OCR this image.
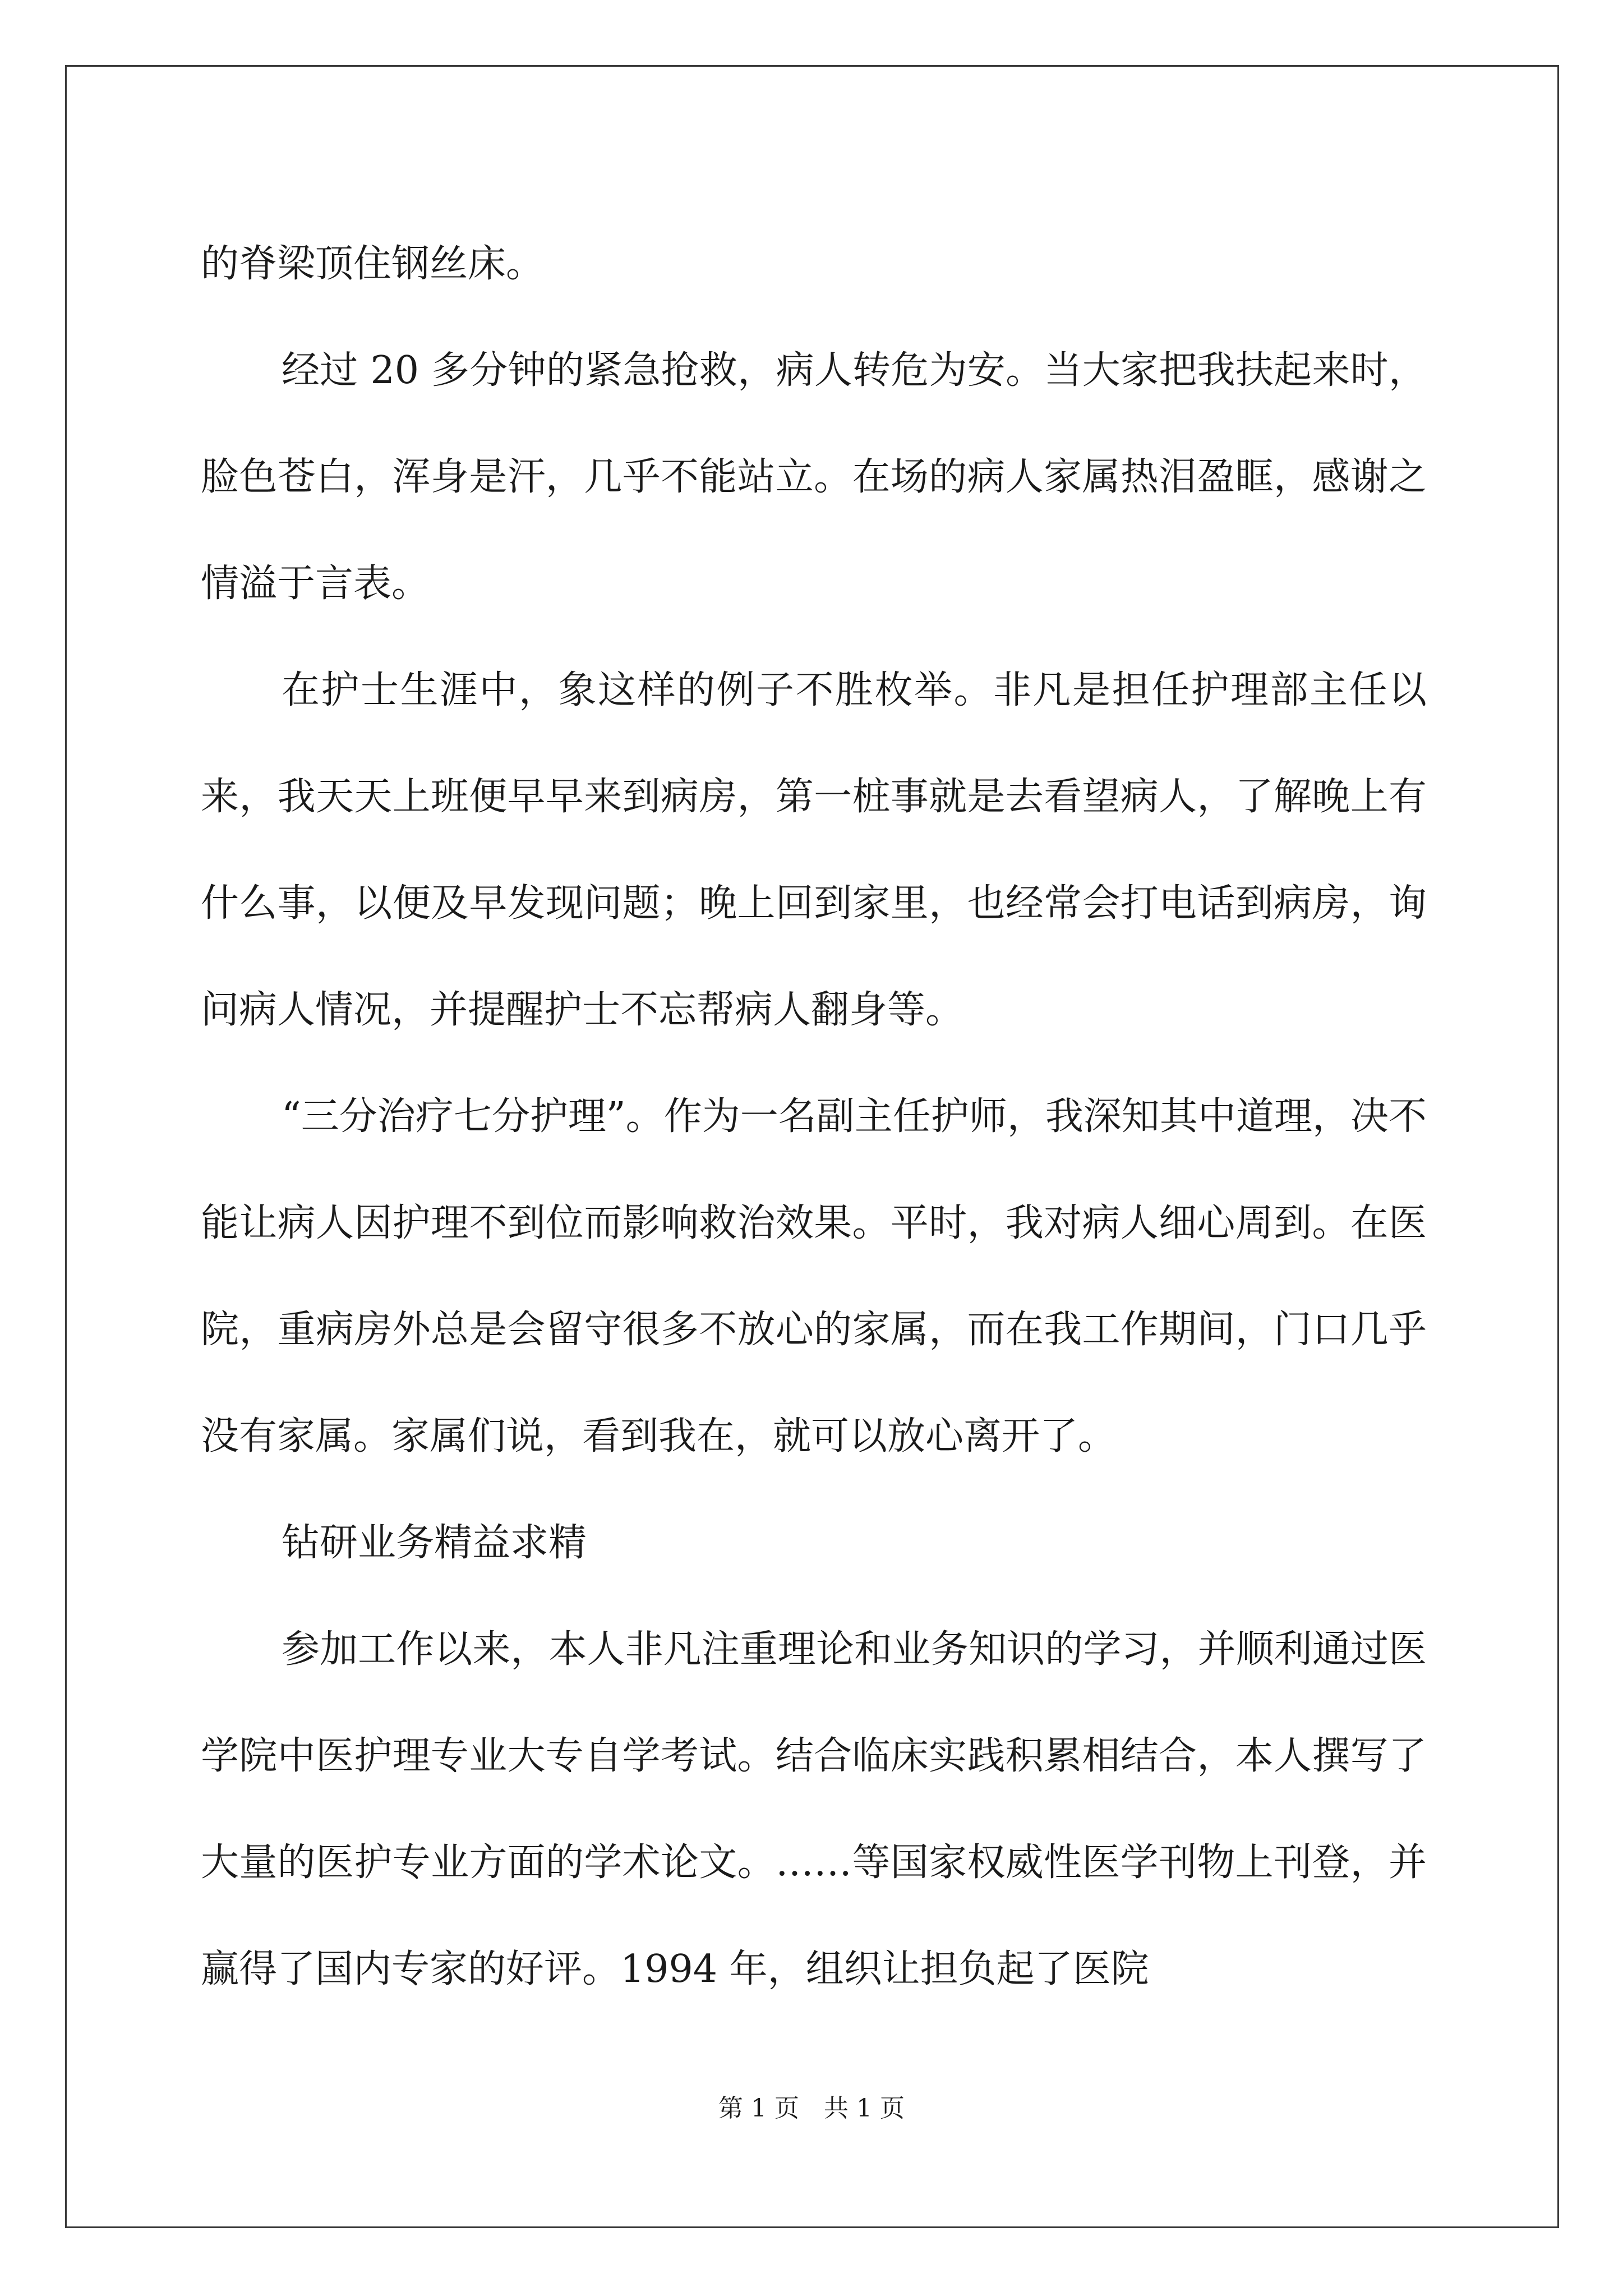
的脊梁顶住钢丝床。

经过 20 多分钟的紧急抢救，病人转危为安。当大家把我扶起来时，脸色苍白，浑身是汗，几乎不能站立。在场的病人家属热泪盈眶，感谢之情溢于言表。

在护士生涯中，象这样的例子不胜枚举。非凡是担任护理部主任以来，我天天上班便早早来到病房，第一桩事就是去看望病人，了解晚上有什么事，以便及早发现问题；晚上回到家里，也经常会打电话到病房，询问病人情况，并提醒护士不忘帮病人翻身等。

“三分治疗七分护理”。作为一名副主任护师，我深知其中道理，决不能让病人因护理不到位而影响救治效果。平时，我对病人细心周到。在医院，重病房外总是会留守很多不放心的家属，而在我工作期间，门口几乎没有家属。家属们说，看到我在，就可以放心离开了。

钻研业务精益求精

参加工作以来，本人非凡注重理论和业务知识的学习，并顺利通过医学院中医护理专业大专自学考试。结合临床实践积累相结合，本人撰写了大量的医护专业方面的学术论文。……等国家权威性医学刊物上刊登，并赢得了国内专家的好评。1994 年，组织让担负起了医院

第 1 页 共 1 页
